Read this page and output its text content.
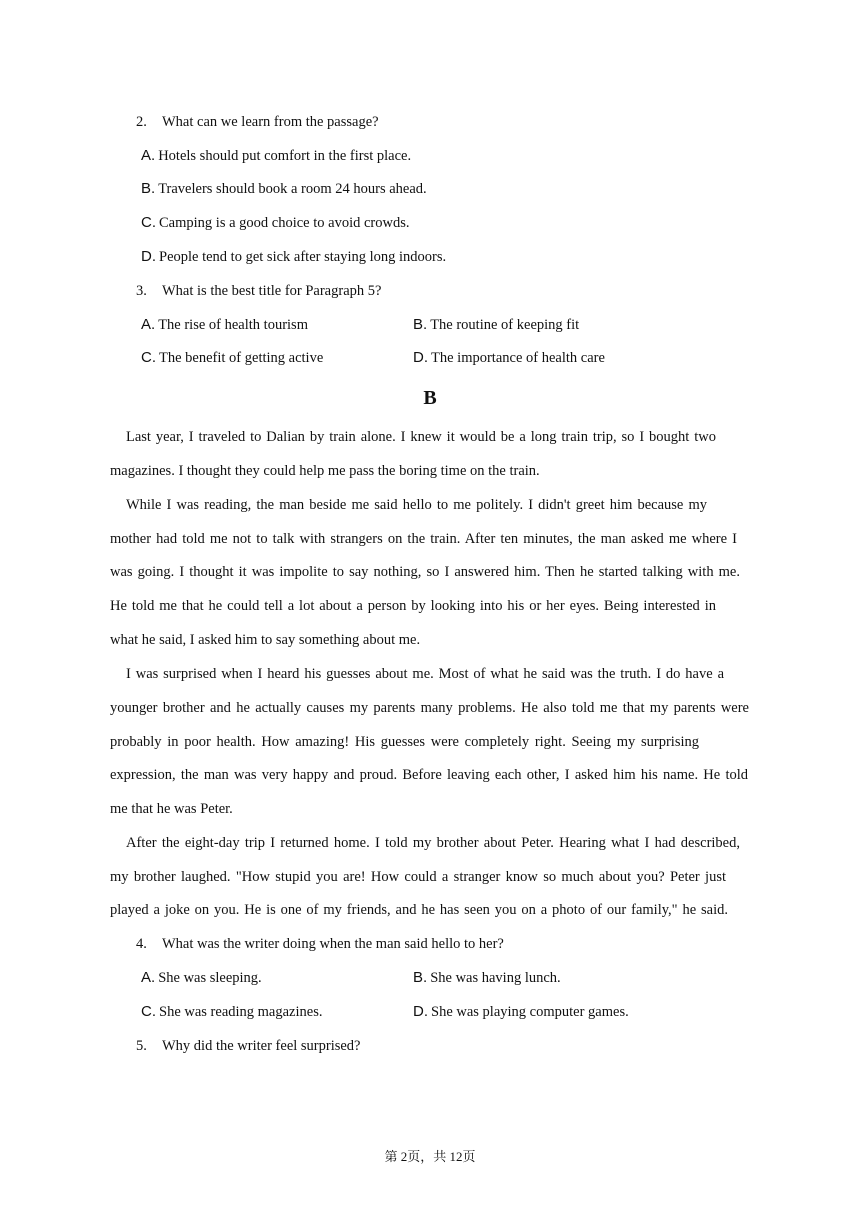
2. What can we learn from the passage?
A. Hotels should put comfort in the first place.
B. Travelers should book a room 24 hours ahead.
C. Camping is a good choice to avoid crowds.
D. People tend to get sick after staying long indoors.
3. What is the best title for Paragraph 5?
A. The rise of health tourism	B. The routine of keeping fit
C. The benefit of getting active	D. The importance of health care
B
Last year, I traveled to Dalian by train alone. I knew it would be a long train trip, so I bought two
magazines. I thought they could help me pass the boring time on the train.
While I was reading, the man beside me said hello to me politely. I didn't greet him because my
mother had told me not to talk with strangers on the train. After ten minutes, the man asked me where I
was going. I thought it was impolite to say nothing, so I answered him. Then he started talking with me.
He told me that he could tell a lot about a person by looking into his or her eyes. Being interested in
what he said, I asked him to say something about me.
I was surprised when I heard his guesses about me. Most of what he said was the truth. I do have a
younger brother and he actually causes my parents many problems. He also told me that my parents were
probably in poor health. How amazing! His guesses were completely right. Seeing my surprising
expression, the man was very happy and proud. Before leaving each other, I asked him his name. He told
me that he was Peter.
After the eight-day trip I returned home. I told my brother about Peter. Hearing what I had described,
my brother laughed. "How stupid you are! How could a stranger know so much about you? Peter just
played a joke on you. He is one of my friends, and he has seen you on a photo of our family," he said.
4. What was the writer doing when the man said hello to her?
A. She was sleeping.	B. She was having lunch.
C. She was reading magazines.	D. She was playing computer games.
5. Why did the writer feel surprised?
第 2页，共 12页
